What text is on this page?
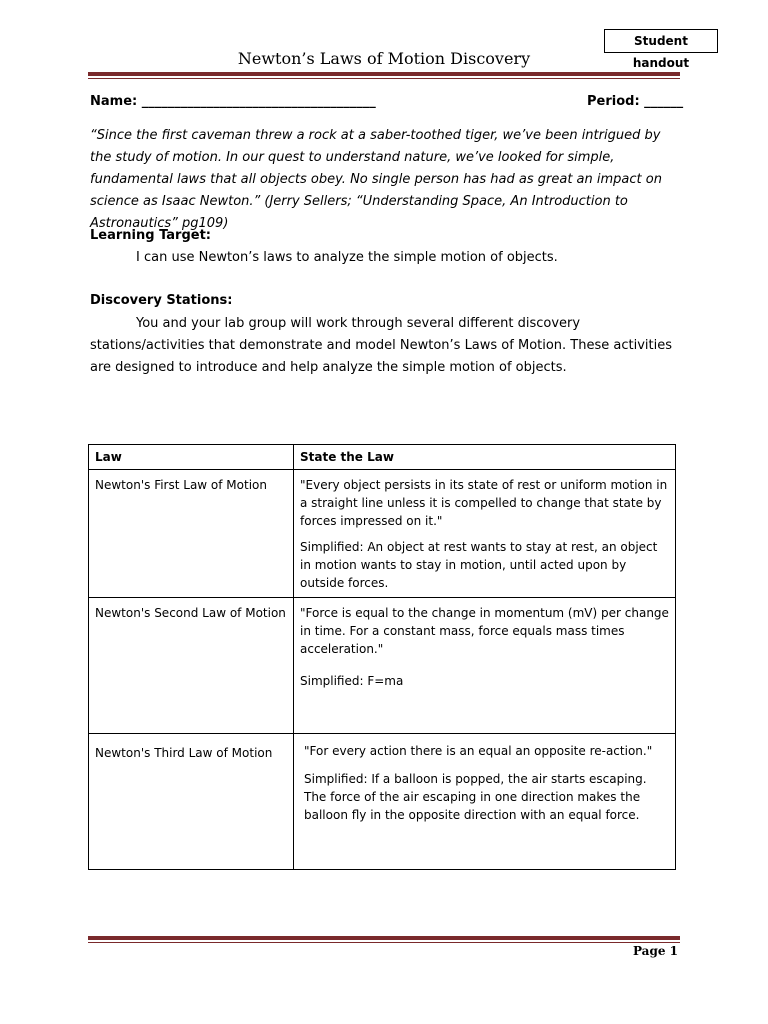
Student handout
Newton’s Laws of Motion Discovery
Name: ____________________________________	Period: ______
“Since the first caveman threw a rock at a saber-toothed tiger, we’ve been intrigued by the study of motion. In our quest to understand nature, we’ve looked for simple, fundamental laws that all objects obey. No single person has had as great an impact on science as Isaac Newton.” (Jerry Sellers; “Understanding Space, An Introduction to Astronautics” pg109)
Learning Target:
I can use Newton’s laws to analyze the simple motion of objects.
Discovery Stations:
You and your lab group will work through several different discovery stations/activities that demonstrate and model Newton’s Laws of Motion. These activities are designed to introduce and help analyze the simple motion of objects.
Law	State the Law
Newton's First Law of Motion	"Every object persists in its state of rest or uniform motion in a straight line unless it is compelled to change that state by forces impressed on it."
Simplified: An object at rest wants to stay at rest, an object in motion wants to stay in motion, until acted upon by outside forces.

Newton's Second Law of Motion	"Force is equal to the change in momentum (mV) per change in time. For a constant mass, force equals mass times acceleration."
Simplified: F=ma

Newton's Third Law of Motion	"For every action there is an equal an opposite re-action."
Simplified: If a balloon is popped, the air starts escaping. The force of the air escaping in one direction makes the balloon fly in the opposite direction with an equal force.
Page 1
